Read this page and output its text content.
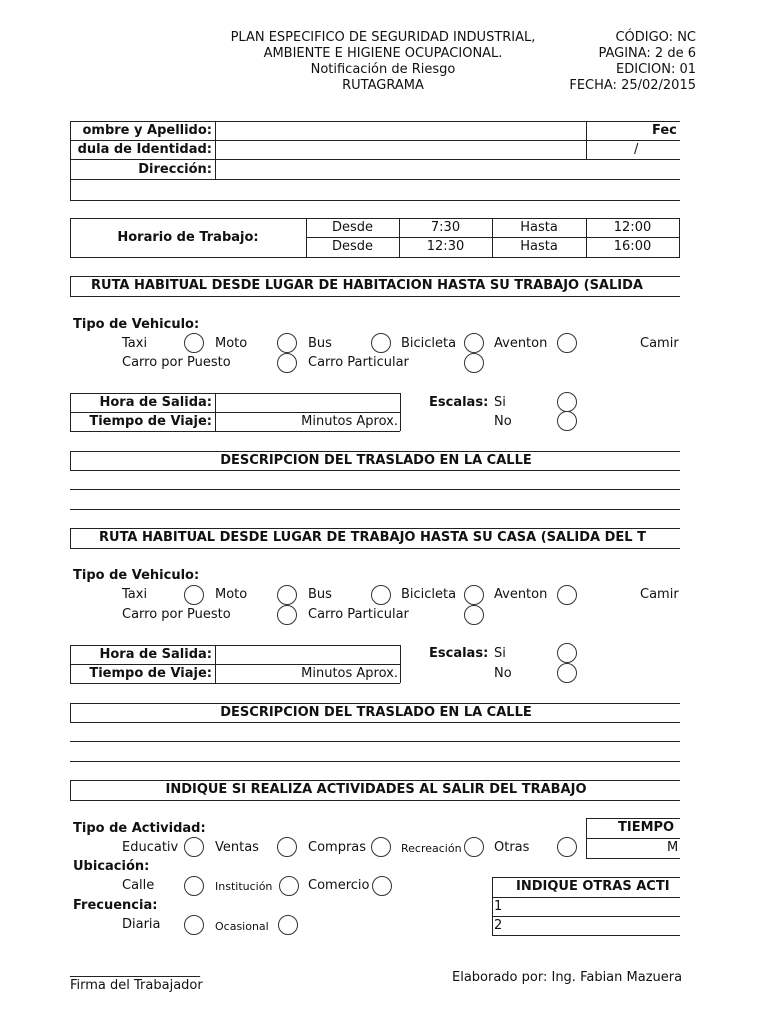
PLAN ESPECIFICO DE SEGURIDAD INDUSTRIAL,
AMBIENTE E HIGIENE OCUPACIONAL.
Notificación de Riesgo
RUTAGRAMA
CÓDIGO: NC
PAGINA: 2 de 6
EDICION: 01
FECHA: 25/02/2015
ombre y Apellido:
dula de Identidad:
Dirección:
Fec
/
Horario de Trabajo:
Desde	7:30	Hasta	12:00
Desde	12:30	Hasta	16:00
RUTA HABITUAL DESDE LUGAR DE HABITACION HASTA SU TRABAJO (SALIDA
Tipo de Vehiculo:
Taxi	Moto	Bus	Bicicleta	Aventon	Camir
Carro por Puesto	Carro Particular
Hora de Salida:
Tiempo de Viaje:	Minutos Aprox.
Escalas: Si
No
DESCRIPCION DEL TRASLADO EN LA CALLE
RUTA HABITUAL DESDE LUGAR DE TRABAJO HASTA SU CASA (SALIDA DEL T
Tipo de Vehiculo:
Taxi	Moto	Bus	Bicicleta	Aventon	Camir
Carro por Puesto	Carro Particular
Hora de Salida:
Tiempo de Viaje:	Minutos Aprox.
Escalas: Si
No
DESCRIPCION DEL TRASLADO EN LA CALLE
INDIQUE SI REALIZA ACTIVIDADES AL SALIR DEL TRABAJO
Tipo de Actividad:
Educativ	Ventas	Compras	Recreación Otras
TIEMPO
M
Ubicación:
Calle	Institución	Comercio	INDIQUE OTRAS ACTI
1
2
Frecuencia:
Diaria	Ocasional
____________________
Firma del Trabajador
Elaborado por: Ing. Fabian Mazuera
